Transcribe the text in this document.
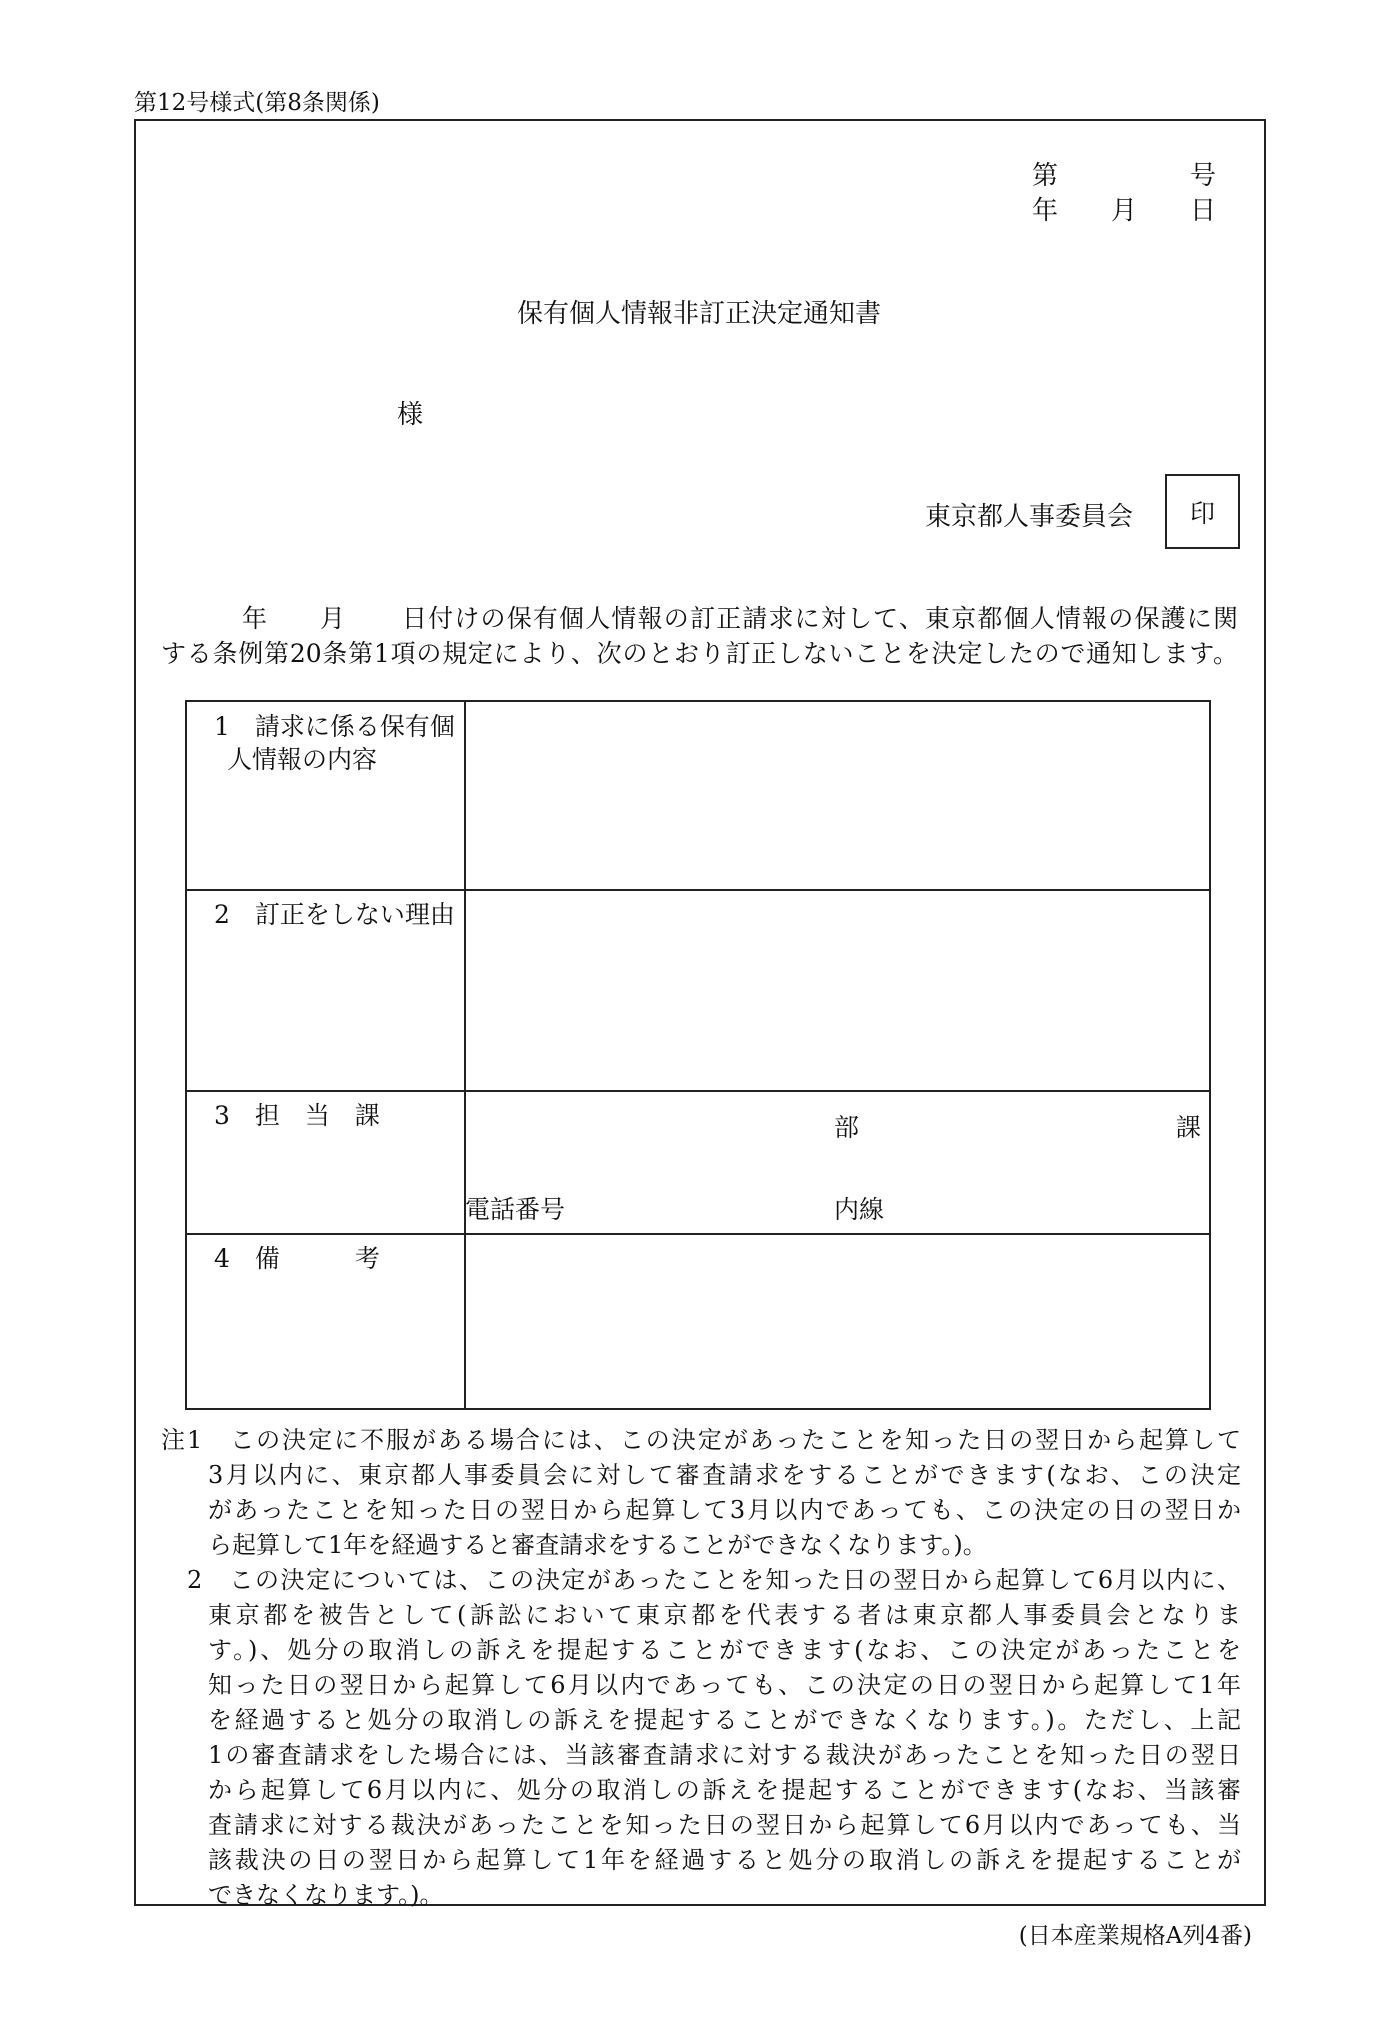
第12号様式(第8条関係)
第	号
年 月 日
保有個人情報非訂正決定通知書
様
東京都人事委員会 印
年 月 日付けの保有個人情報の訂正請求に対して、東京都個人情報の保護に関
する条例第20条第1項の規定により、次のとおり訂正しないことを決定したので通知します。
1　請求に係る保有個
人情報の内容
2　訂正をしない理由
3　担　当　課	部	課
電話番号	内線
4　備　　　考
注1　この決定に不服がある場合には、この決定があったことを知った日の翌日から起算して
3月以内に、東京都人事委員会に対して審査請求をすることができます(なお、この決定
があったことを知った日の翌日から起算して3月以内であっても、この決定の日の翌日か
ら起算して1年を経過すると審査請求をすることができなくなります。)。
2　この決定については、この決定があったことを知った日の翌日から起算して6月以内に、
東京都を被告として(訴訟において東京都を代表する者は東京都人事委員会となりま
す。)、処分の取消しの訴えを提起することができます(なお、この決定があったことを
知った日の翌日から起算して6月以内であっても、この決定の日の翌日から起算して1年
を経過すると処分の取消しの訴えを提起することができなくなります。)。ただし、上記
1の審査請求をした場合には、当該審査請求に対する裁決があったことを知った日の翌日
から起算して6月以内に、処分の取消しの訴えを提起することができます(なお、当該審
査請求に対する裁決があったことを知った日の翌日から起算して6月以内であっても、当
該裁決の日の翌日から起算して1年を経過すると処分の取消しの訴えを提起することが
できなくなります。)。
(日本産業規格A列4番)
